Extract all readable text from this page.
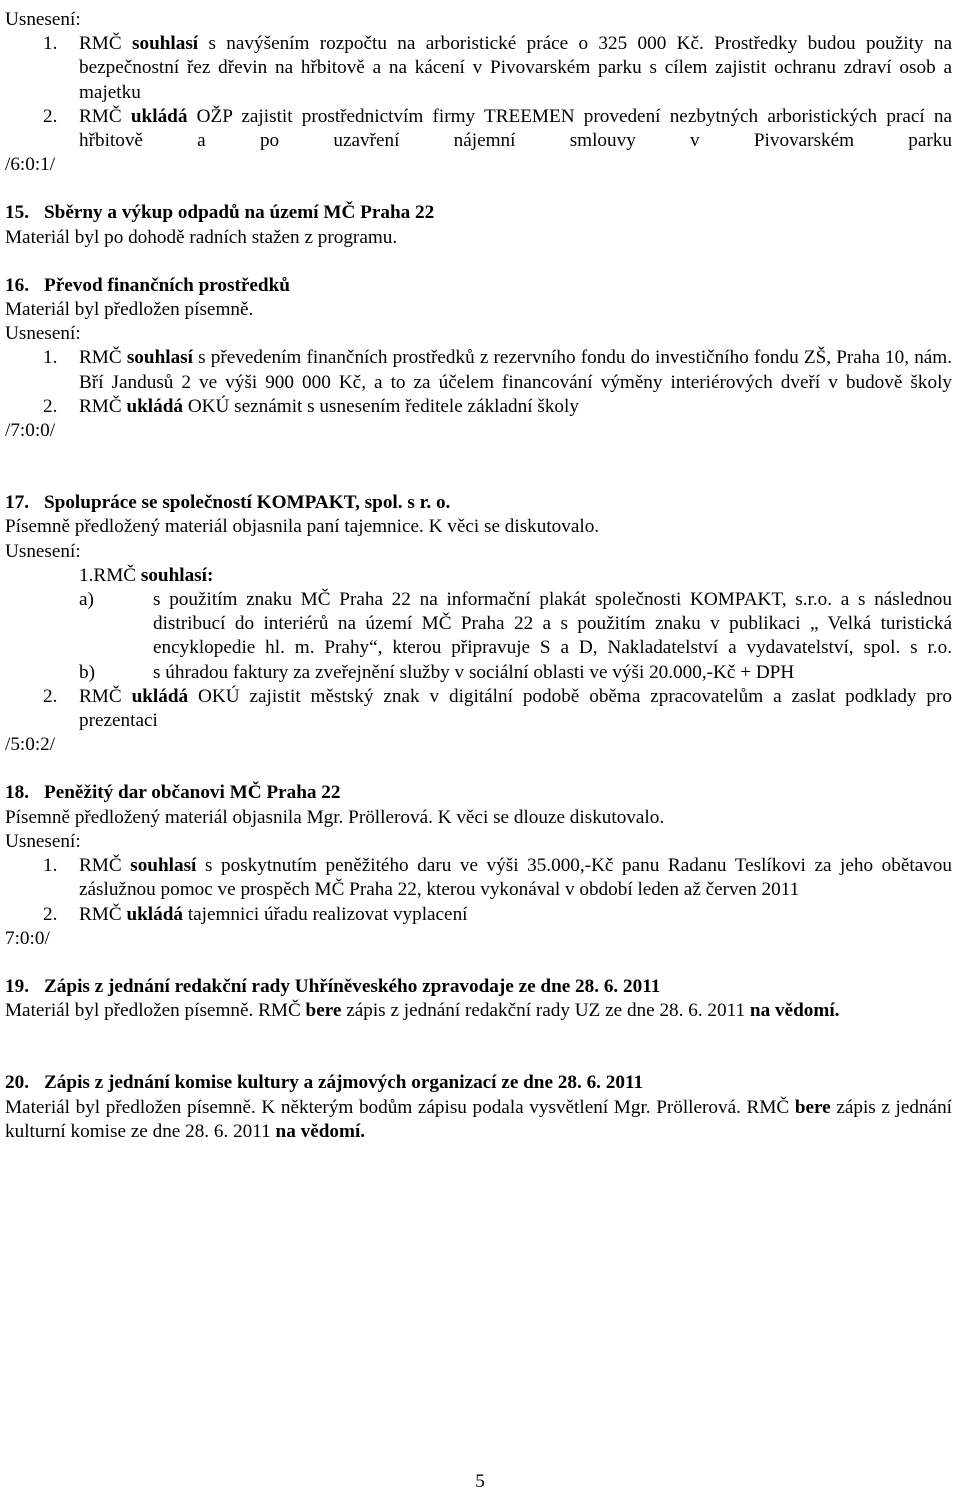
Usnesení:
1. RMČ souhlasí s navýšením rozpočtu na arboristické práce o 325 000 Kč. Prostředky budou použity na bezpečnostní řez dřevin na hřbitově a na kácení v Pivovarském parku s cílem zajistit ochranu zdraví osob a majetku
2. RMČ ukládá OŽP zajistit prostřednictvím firmy TREEMEN provedení nezbytných arboristických prací na hřbitově a po uzavření nájemní smlouvy v Pivovarském parku
/6:0:1/
15. Sběrny a výkup odpadů na území MČ Praha 22
Materiál byl po dohodě radních stažen z programu.
16. Převod finančních prostředků
Materiál byl předložen písemně.
Usnesení:
1. RMČ souhlasí s převedením finančních prostředků z rezervního fondu do investičního fondu ZŠ, Praha 10, nám. Bří Jandusů 2 ve výši 900 000 Kč, a to za účelem financování výměny interiérových dveří v budově školy
2. RMČ ukládá OKÚ seznámit s usnesením ředitele základní školy
/7:0:0/
17. Spolupráce se společností KOMPAKT, spol. s r. o.
Písemně předložený materiál objasnila paní tajemnice. K věci se diskutovalo.
Usnesení:
1.RMČ souhlasí:
a)	s použitím znaku MČ Praha 22 na informační plakát společnosti KOMPAKT, s.r.o. a s následnou distribucí do interiérů na území MČ Praha 22 a s použitím znaku v publikaci „ Velká turistická encyklopedie hl. m. Prahy“, kterou připravuje S a D, Nakladatelství a vydavatelství, spol. s r.o.
b)	s úhradou faktury za zveřejnění služby v sociální oblasti ve výši 20.000,-Kč + DPH
2. RMČ ukládá OKÚ zajistit městský znak v digitální podobě oběma zpracovatelům a zaslat podklady pro prezentaci
/5:0:2/
18. Peněžitý dar občanovi MČ Praha 22
Písemně předložený materiál objasnila Mgr. Pröllerová. K věci se dlouze diskutovalo.
Usnesení:
1. RMČ souhlasí s poskytnutím peněžitého daru ve výši 35.000,-Kč panu Radanu Teslíkovi za jeho obětavou záslužnou pomoc ve prospěch MČ Praha 22, kterou vykonával v období leden až červen 2011
2. RMČ ukládá tajemnici úřadu realizovat vyplacení
7:0:0/
19. Zápis z jednání redakční rady Uhříněveského zpravodaje ze dne 28. 6. 2011
Materiál byl předložen písemně. RMČ bere zápis z jednání redakční rady UZ ze dne 28. 6. 2011 na vědomí.
20. Zápis z jednání komise kultury a zájmových organizací ze dne 28. 6. 2011
Materiál byl předložen písemně. K některým bodům zápisu podala vysvětlení Mgr. Pröllerová. RMČ bere zápis z jednání kulturní komise ze dne 28. 6. 2011 na vědomí.
5
